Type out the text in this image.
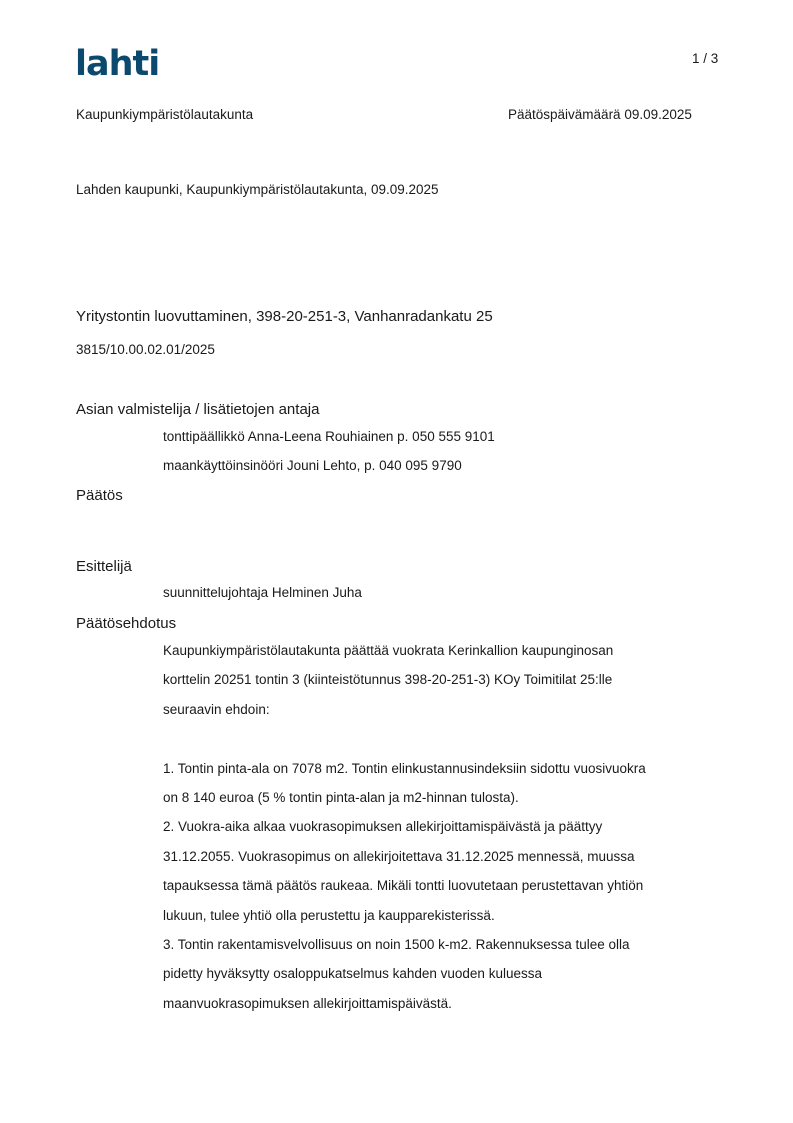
lahti	1 / 3
Kaupunkiympäristölautakunta	Päätöspäivämäärä 09.09.2025
Lahden kaupunki, Kaupunkiympäristölautakunta, 09.09.2025
Yritystontin luovuttaminen, 398-20-251-3, Vanhanradankatu 25
3815/10.00.02.01/2025
Asian valmistelija / lisätietojen antaja
tonttipäällikkö Anna-Leena Rouhiainen p. 050 555 9101
maankäyttöinsinööri Jouni Lehto, p. 040 095 9790
Päätös
Esittelijä
suunnittelujohtaja Helminen Juha
Päätösehdotus
Kaupunkiympäristölautakunta päättää vuokrata Kerinkallion kaupunginosan
korttelin 20251 tontin 3 (kiinteistötunnus 398-20-251-3) KOy Toimitilat 25:lle
seuraavin ehdoin:
1. Tontin pinta-ala on 7078 m2. Tontin elinkustannusindeksiin sidottu vuosivuokra
on 8 140 euroa (5 % tontin pinta-alan ja m2-hinnan tulosta).
2. Vuokra-aika alkaa vuokrasopimuksen allekirjoittamispäivästä ja päättyy
31.12.2055. Vuokrasopimus on allekirjoitettava 31.12.2025 mennessä, muussa
tapauksessa tämä päätös raukeaa. Mikäli tontti luovutetaan perustettavan yhtiön
lukuun, tulee yhtiö olla perustettu ja kaupparekisterissä.
3. Tontin rakentamisvelvollisuus on noin 1500 k-m2. Rakennuksessa tulee olla
pidetty hyväksytty osaloppukatselmus kahden vuoden kuluessa
maanvuokrasopimuksen allekirjoittamispäivästä.
